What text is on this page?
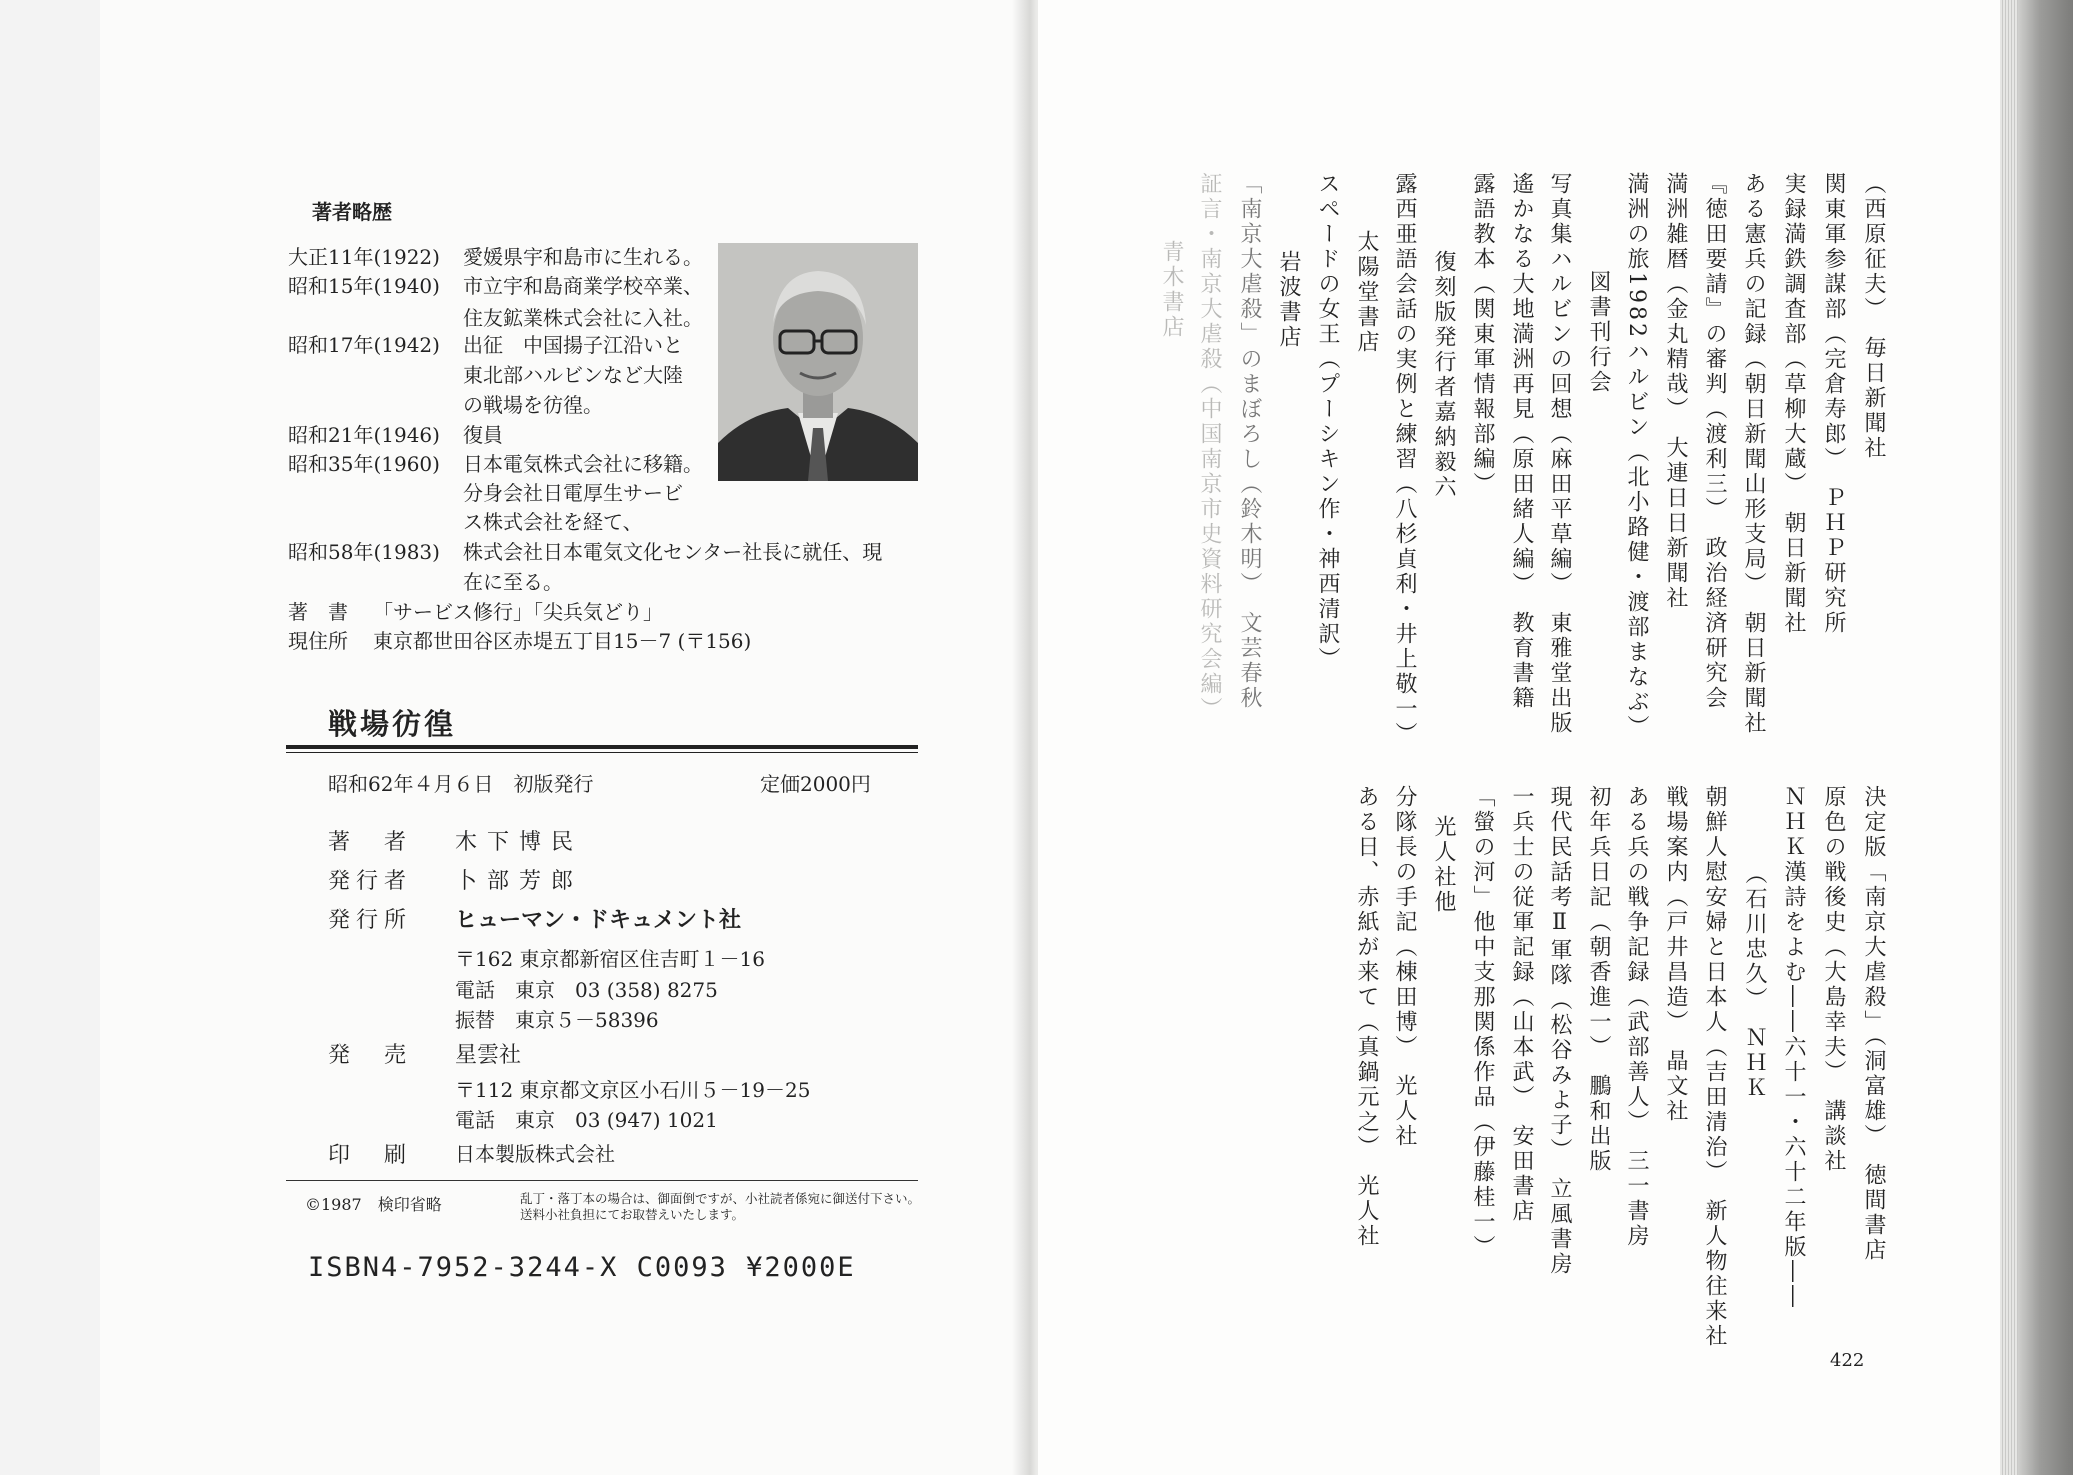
著者略歴
大正11年(1922) 愛媛県宇和島市に生れる。
昭和15年(1940) 市立宇和島商業学校卒業、
住友鉱業株式会社に入社。
昭和17年(1942) 出征　中国揚子江沿いと
東北部ハルビンなど大陸
の戦場を彷徨。
昭和21年(1946) 復員
昭和35年(1960) 日本電気株式会社に移籍。
分身会社日電厚生サービ
ス株式会社を経て、
昭和58年(1983) 株式会社日本電気文化センター社長に就任、現
在に至る。
著　書 「サービス修行」「尖兵気どり」
現住所 東京都世田谷区赤堤五丁目15－7 (〒156)
戦場彷徨
昭和62年４月６日　初版発行	定価2000円
著　者 木下博民
発行者 卜部芳郎
発行所 ヒューマン・ドキュメント社
〒162 東京都新宿区住吉町１－16
電話　東京　03 (358) 8275
振替　東京５－58396
発　売 星雲社
〒112 東京都文京区小石川５－19－25
電話　東京　03 (947) 1021
印　刷 日本製版株式会社
©1987　検印省略	乱丁・落丁本の場合は、御面倒ですが、小社読者係宛に御送付下さい。送料小社負担にてお取替えいたします。
ISBN4-7952-3244-X C0093 ¥2000E
（西原征夫）　毎日新聞社
関東軍参謀部（完倉寿郎）　ＰＨＰ研究所
実録満鉄調査部（草柳大蔵）　朝日新聞社
ある憲兵の記録（朝日新聞山形支局）　朝日新聞社
『徳田要請』の審判（渡利三）　政治経済研究会
満洲雑暦（金丸精哉）　大連日日新聞社
満洲の旅1982ハルビン（北小路健・渡部まなぶ）
図書刊行会
写真集ハルビンの回想（麻田平草編）　東雅堂出版
遙かなる大地満洲再見（原田緒人編）　教育書籍
露語教本（関東軍情報部編）
復刻版発行者嘉納毅六
露西亜語会話の実例と練習（八杉貞利・井上敬一）
太陽堂書店
スペードの女王（プーシキン作・神西清訳）
岩波書店
「南京大虐殺」のまぼろし（鈴木明）　文芸春秋
証言・南京大虐殺（中国南京市史資料研究会編）
青木書店
決定版「南京大虐殺」（洞富雄）　徳間書店
原色の戦後史（大島幸夫）　講談社
ＮＨＫ漢詩をよむ――六十一・六十二年版――
（石川忠久）　ＮＨＫ
朝鮮人慰安婦と日本人（吉田清治）　新人物往来社
戦場案内（戸井昌造）　晶文社
ある兵の戦争記録（武部善人）　三一書房
初年兵日記（朝香進一）　鵬和出版
現代民話考Ⅱ軍隊（松谷みよ子）　立風書房
一兵士の従軍記録（山本武）　安田書店
「螢の河」他中支那関係作品（伊藤桂一）
光人社他
分隊長の手記（棟田博）　光人社
ある日、赤紙が来て（真鍋元之）　光人社
422
